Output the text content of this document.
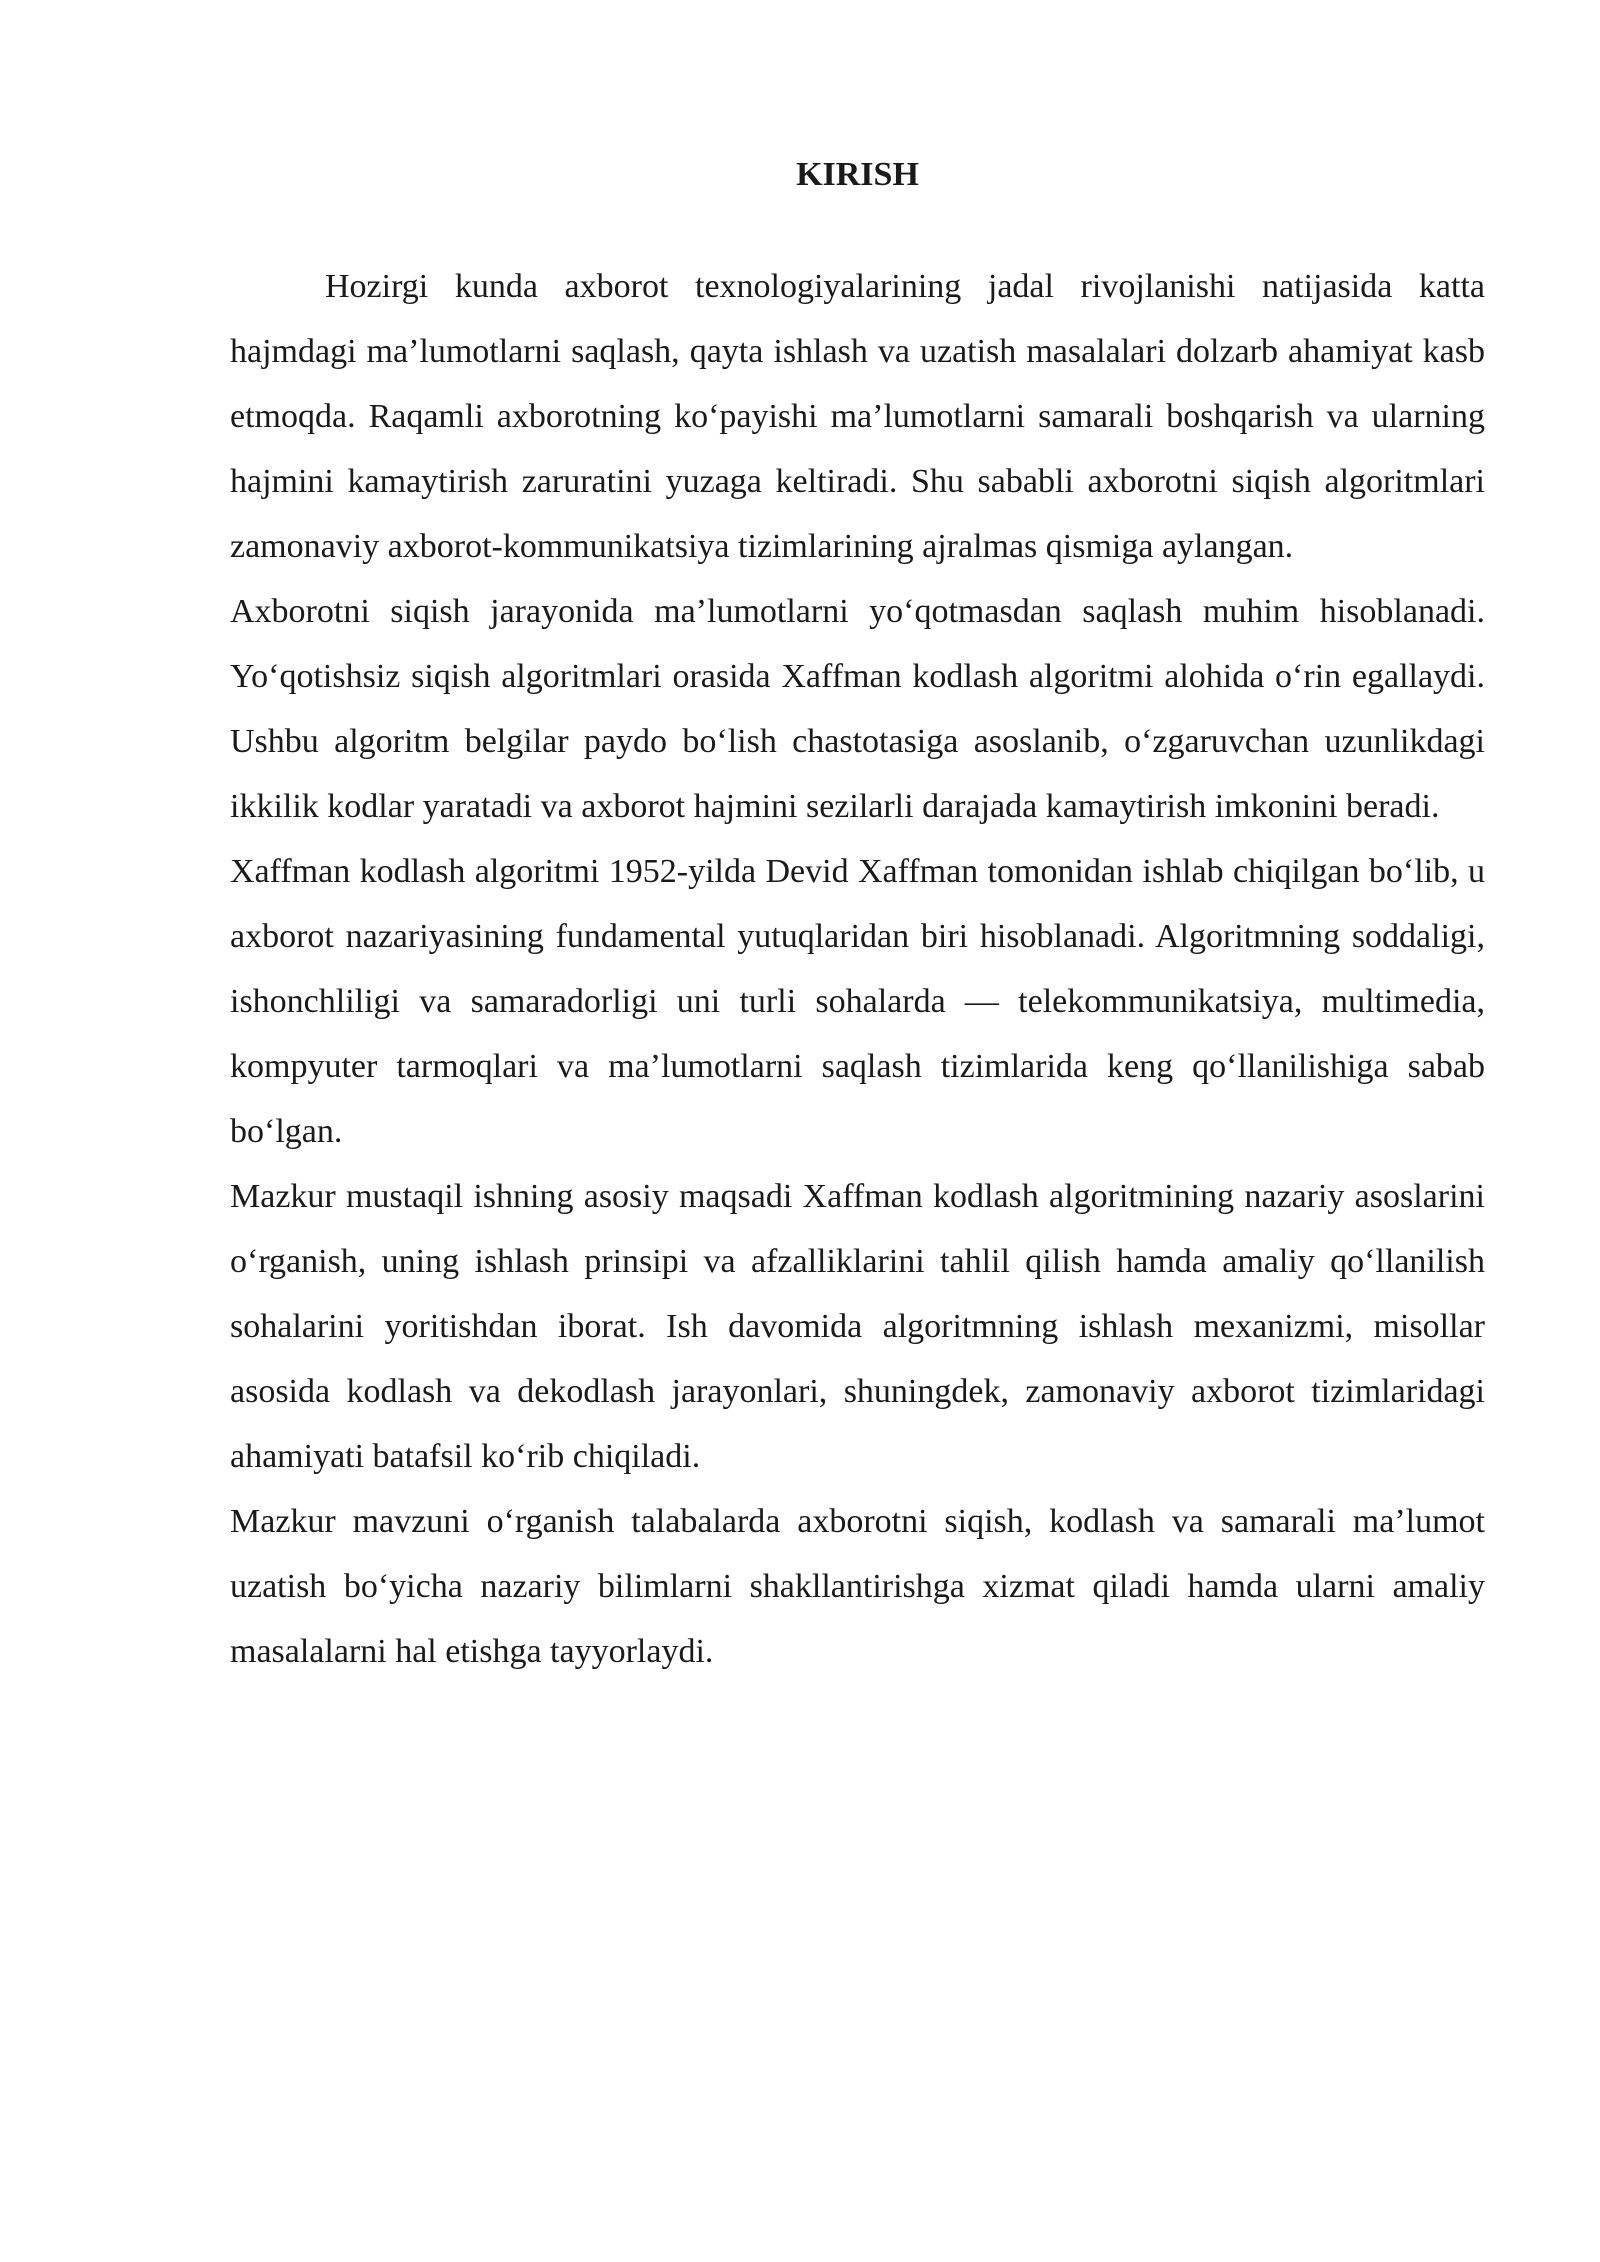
KIRISH

Hozirgi kunda axborot texnologiyalarining jadal rivojlanishi natijasida katta hajmdagi ma’lumotlarni saqlash, qayta ishlash va uzatish masalalari dolzarb ahamiyat kasb etmoqda. Raqamli axborotning ko‘payishi ma’lumotlarni samarali boshqarish va ularning hajmini kamaytirish zaruratini yuzaga keltiradi. Shu sababli axborotni siqish algoritmlari zamonaviy axborot-kommunikatsiya tizimlarining ajralmas qismiga aylangan.

Axborotni siqish jarayonida ma’lumotlarni yo‘qotmasdan saqlash muhim hisoblanadi. Yo‘qotishsiz siqish algoritmlari orasida Xaffman kodlash algoritmi alohida o‘rin egallaydi. Ushbu algoritm belgilar paydo bo‘lish chastotasiga asoslanib, o‘zgaruvchan uzunlikdagi ikkilik kodlar yaratadi va axborot hajmini sezilarli darajada kamaytirish imkonini beradi.

Xaffman kodlash algoritmi 1952-yilda Devid Xaffman tomonidan ishlab chiqilgan bo‘lib, u axborot nazariyasining fundamental yutuqlaridan biri hisoblanadi. Algoritmning soddaligi, ishonchliligi va samaradorligi uni turli sohalarda — telekommunikatsiya, multimedia, kompyuter tarmoqlari va ma’lumotlarni saqlash tizimlarida keng qo‘llanilishiga sabab bo‘lgan.

Mazkur mustaqil ishning asosiy maqsadi Xaffman kodlash algoritmining nazariy asoslarini o‘rganish, uning ishlash prinsipi va afzalliklarini tahlil qilish hamda amaliy qo‘llanilish sohalarini yoritishdan iborat. Ish davomida algoritmning ishlash mexanizmi, misollar asosida kodlash va dekodlash jarayonlari, shuningdek, zamonaviy axborot tizimlaridagi ahamiyati batafsil ko‘rib chiqiladi.

Mazkur mavzuni o‘rganish talabalarda axborotni siqish, kodlash va samarali ma’lumot uzatish bo‘yicha nazariy bilimlarni shakllantirishga xizmat qiladi hamda ularni amaliy masalalarni hal etishga tayyorlaydi.
